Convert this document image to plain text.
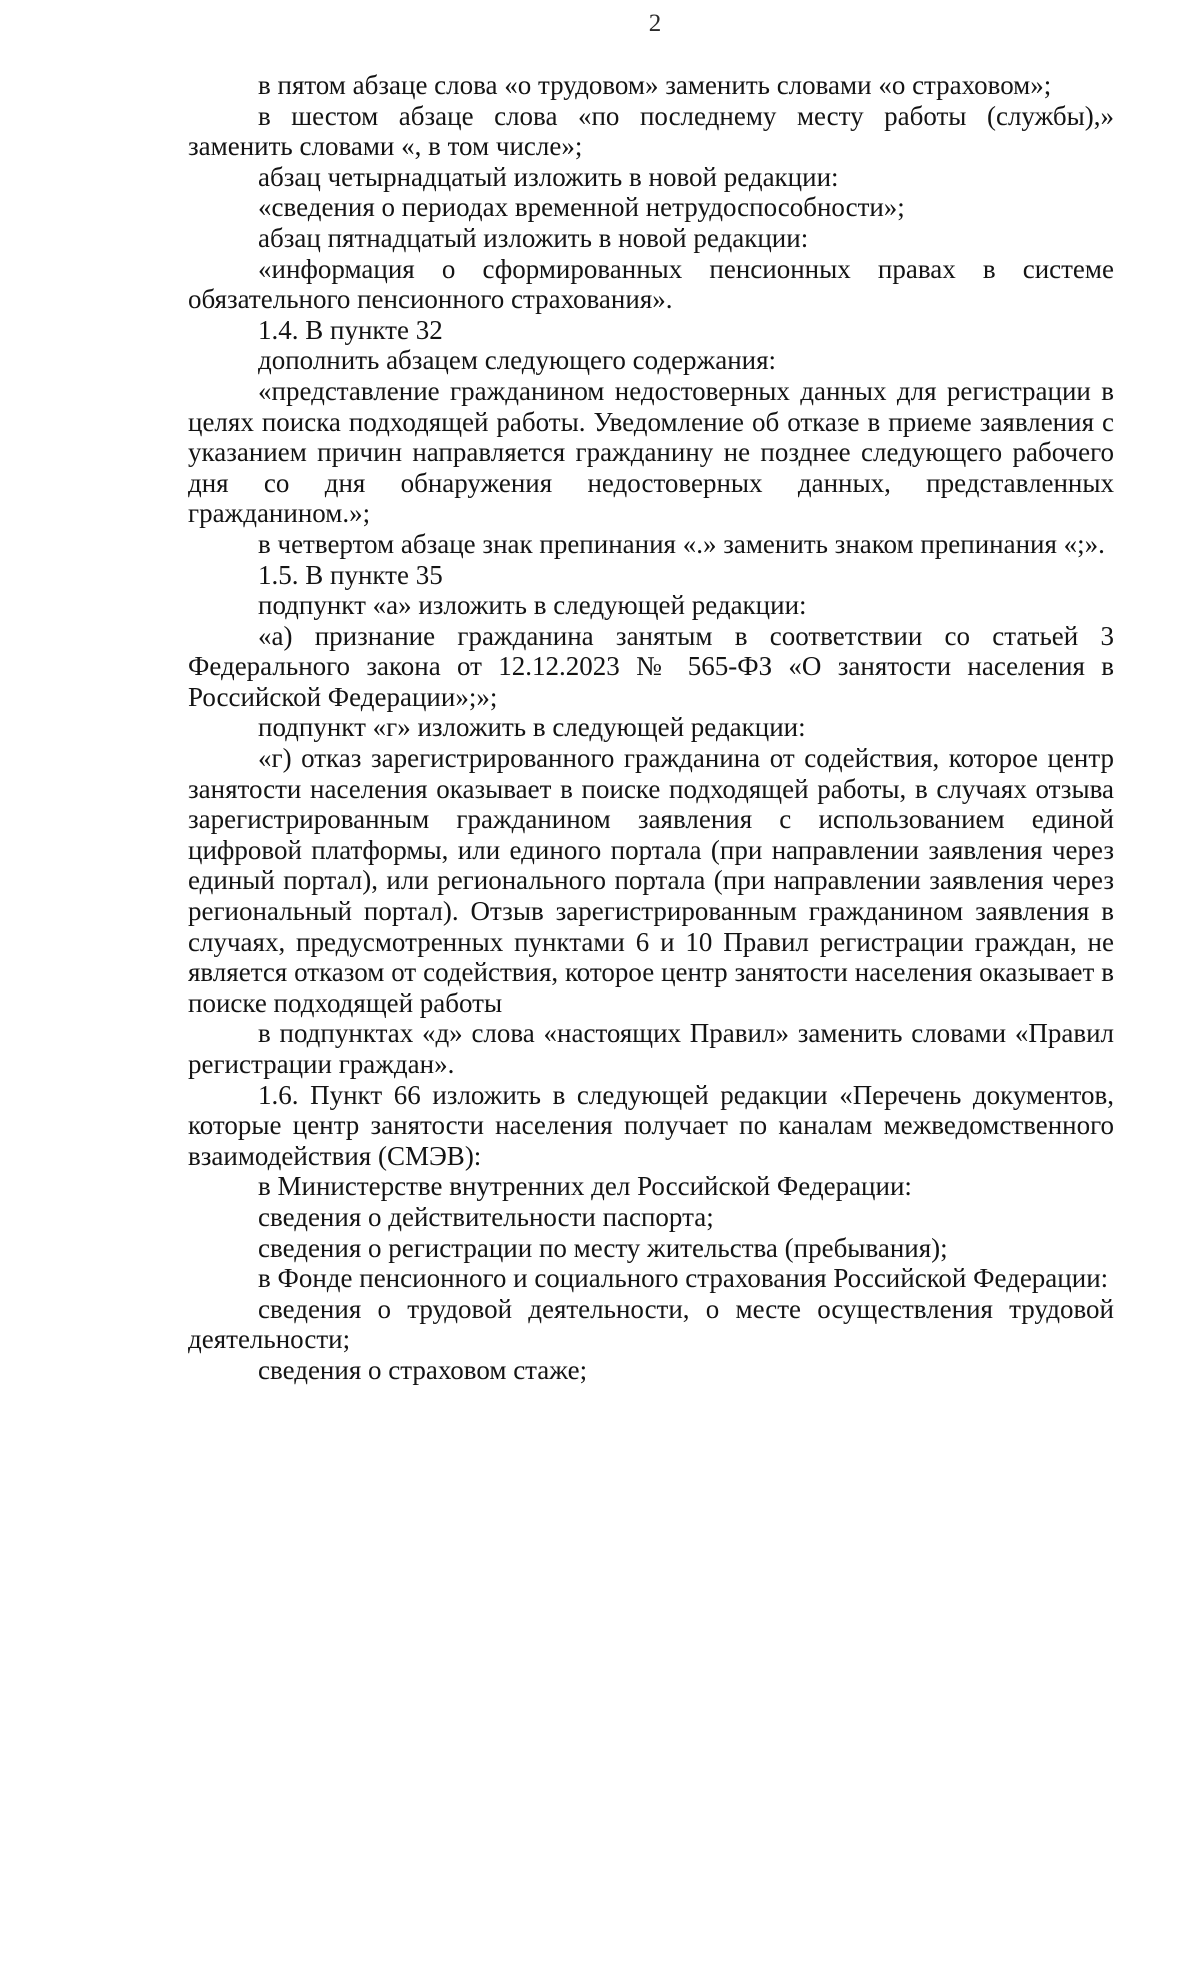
2

в пятом абзаце слова «о трудовом» заменить словами «о страховом»;

в шестом абзаце слова «по последнему месту работы (службы),» заменить словами «, в том числе»;

абзац четырнадцатый изложить в новой редакции:

«сведения о периодах временной нетрудоспособности»;

абзац пятнадцатый изложить в новой редакции:

«информация о сформированных пенсионных правах в системе обязательного пенсионного страхования».

1.4. В пункте 32

дополнить абзацем следующего содержания:

«представление гражданином недостоверных данных для регистрации в целях поиска подходящей работы. Уведомление об отказе в приеме заявления с указанием причин направляется гражданину не позднее следующего рабочего дня со дня обнаружения недостоверных данных, представленных гражданином.»;

в четвертом абзаце знак препинания «.» заменить знаком препинания «;».

1.5. В пункте 35

подпункт «а» изложить в следующей редакции:

«а) признание гражданина занятым в соответствии со статьей 3 Федерального закона от 12.12.2023 № 565-ФЗ «О занятости населения в Российской Федерации»;»;

подпункт «г» изложить в следующей редакции:

«г) отказ зарегистрированного гражданина от содействия, которое центр занятости населения оказывает в поиске подходящей работы, в случаях отзыва зарегистрированным гражданином заявления с использованием единой цифровой платформы, или единого портала (при направлении заявления через единый портал), или регионального портала (при направлении заявления через региональный портал). Отзыв зарегистрированным гражданином заявления в случаях, предусмотренных пунктами 6 и 10 Правил регистрации граждан, не является отказом от содействия, которое центр занятости населения оказывает в поиске подходящей работы

в подпунктах «д» слова «настоящих Правил» заменить словами «Правил регистрации граждан».

1.6. Пункт 66 изложить в следующей редакции «Перечень документов, которые центр занятости населения получает по каналам межведомственного взаимодействия (СМЭВ):

в Министерстве внутренних дел Российской Федерации:

сведения о действительности паспорта;

сведения о регистрации по месту жительства (пребывания);

в Фонде пенсионного и социального страхования Российской Федерации:

сведения о трудовой деятельности, о месте осуществления трудовой деятельности;

сведения о страховом стаже;
